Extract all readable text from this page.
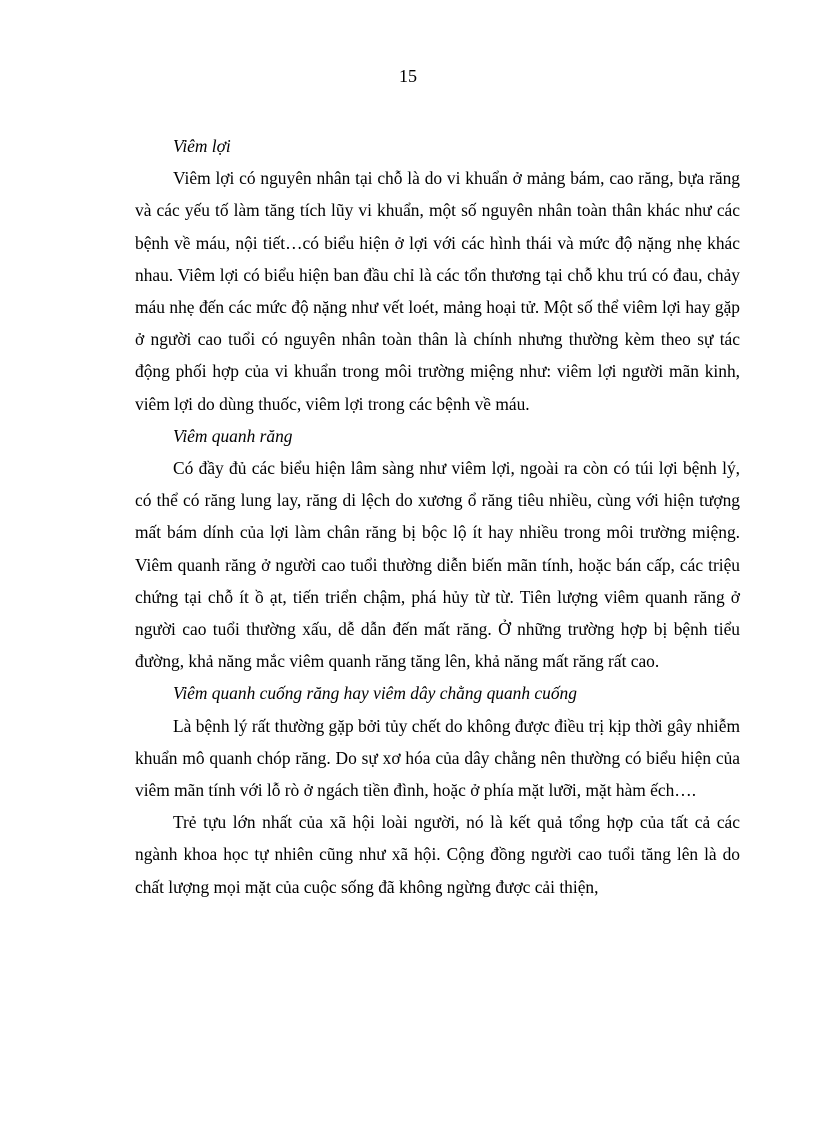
15

Viêm lợi

Viêm lợi có nguyên nhân tại chỗ là do vi khuẩn ở mảng bám, cao răng, bựa răng và các yếu tố làm tăng tích lũy vi khuẩn, một số nguyên nhân toàn thân khác như các bệnh về máu, nội tiết…có biểu hiện ở lợi với các hình thái và mức độ nặng nhẹ khác nhau. Viêm lợi có biểu hiện ban đầu chỉ là các tổn thương tại chỗ khu trú có đau, chảy máu nhẹ đến các mức độ nặng như vết loét, mảng hoại tử. Một số thể viêm lợi hay gặp ở người cao tuổi có nguyên nhân toàn thân là chính nhưng thường kèm theo sự tác động phối hợp của vi khuẩn trong môi trường miệng như: viêm lợi người mãn kinh, viêm lợi do dùng thuốc, viêm lợi trong các bệnh về máu.

Viêm quanh răng

Có đầy đủ các biểu hiện lâm sàng như viêm lợi, ngoài ra còn có túi lợi bệnh lý, có thể có răng lung lay, răng di lệch do xương ổ răng tiêu nhiều, cùng với hiện tượng mất bám dính của lợi làm chân răng bị bộc lộ ít hay nhiều trong môi trường miệng. Viêm quanh răng ở người cao tuổi thường diễn biến mãn tính, hoặc bán cấp, các triệu chứng tại chỗ ít ồ ạt, tiến triển chậm, phá hủy từ từ. Tiên lượng viêm quanh răng ở người cao tuổi thường xấu, dễ dẫn đến mất răng. Ở những trường hợp bị bệnh tiểu đường, khả năng mắc viêm quanh răng tăng lên, khả năng mất răng rất cao.

Viêm quanh cuống răng hay viêm dây chằng quanh cuống

Là bệnh lý rất thường gặp bởi tủy chết do không được điều trị kịp thời gây nhiễm khuẩn mô quanh chóp răng. Do sự xơ hóa của dây chằng nên thường có biểu hiện của viêm mãn tính với lỗ rò ở ngách tiền đình, hoặc ở phía mặt lưỡi, mặt hàm ếch….

Trẻ tựu lớn nhất của xã hội loài người, nó là kết quả tổng hợp của tất cả các ngành khoa học tự nhiên cũng như xã hội. Cộng đồng người cao tuổi tăng lên là do chất lượng mọi mặt của cuộc sống đã không ngừng được cải thiện,
